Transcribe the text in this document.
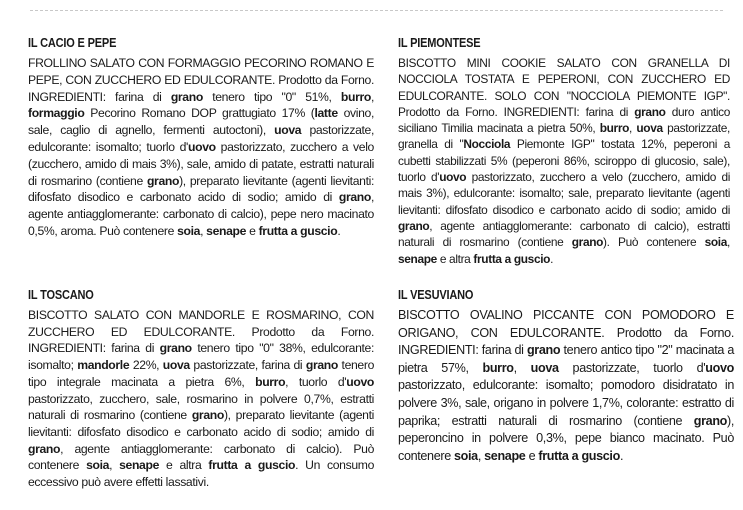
IL CACIO E PEPE

FROLLINO SALATO CON FORMAGGIO PECORINO ROMANO E PEPE, CON ZUCCHERO ED EDULCORANTE. Prodotto da Forno. INGREDIENTI: farina di grano tenero tipo "0" 51%, burro, formaggio Pecorino Romano DOP grattugiato 17% (latte ovino, sale, caglio di agnello, fermenti autoctoni), uova pastorizzate, edulcorante: isomalto; tuorlo d'uovo pastorizzato, zucchero a velo (zucchero, amido di mais 3%), sale, amido di patate, estratti naturali di rosmarino (contiene grano), preparato lievitante (agenti lievitanti: difosfato disodico e carbonato acido di sodio; amido di grano, agente antiagglomerante: carbonato di calcio), pepe nero macinato 0,5%, aroma. Può contenere soia, senape e frutta a guscio.

IL PIEMONTESE

BISCOTTO MINI COOKIE SALATO CON GRANELLA DI NOCCIOLA TOSTATA E PEPERONI, CON ZUCCHERO ED EDULCORANTE. SOLO CON "NOCCIOLA PIEMONTE IGP". Prodotto da Forno. INGREDIENTI: farina di grano duro antico siciliano Timilia macinata a pietra 50%, burro, uova pastorizzate, granella di "Nocciola Piemonte IGP" tostata 12%, peperoni a cubetti stabilizzati 5% (peperoni 86%, sciroppo di glucosio, sale), tuorlo d'uovo pastorizzato, zucchero a velo (zucchero, amido di mais 3%), edulcorante: isomalto; sale, preparato lievitante (agenti lievitanti: difosfato disodico e carbonato acido di sodio; amido di grano, agente antiagglomerante: carbonato di calcio), estratti naturali di rosmarino (contiene grano). Può contenere soia, senape e altra frutta a guscio.

IL TOSCANO

BISCOTTO SALATO CON MANDORLE E ROSMARINO, CON ZUCCHERO ED EDULCORANTE. Prodotto da Forno. INGREDIENTI: farina di grano tenero tipo "0" 38%, edulcorante: isomalto; mandorle 22%, uova pastorizzate, farina di grano tenero tipo integrale macinata a pietra 6%, burro, tuorlo d'uovo pastorizzato, zucchero, sale, rosmarino in polvere 0,7%, estratti naturali di rosmarino (contiene grano), preparato lievitante (agenti lievitanti: difosfato disodico e carbonato acido di sodio; amido di grano, agente antiagglomerante: carbonato di calcio). Può contenere soia, senape e altra frutta a guscio. Un consumo eccessivo può avere effetti lassativi.

IL VESUVIANO

BISCOTTO OVALINO PICCANTE CON POMODORO E ORIGANO, CON EDULCORANTE. Prodotto da Forno. INGREDIENTI: farina di grano tenero antico tipo "2" macinata a pietra 57%, burro, uova pastorizzate, tuorlo d'uovo pastorizzato, edulcorante: isomalto; pomodoro disidratato in polvere 3%, sale, origano in polvere 1,7%, colorante: estratto di paprika; estratti naturali di rosmarino (contiene grano), peperoncino in polvere 0,3%, pepe bianco macinato. Può contenere soia, senape e frutta a guscio.
